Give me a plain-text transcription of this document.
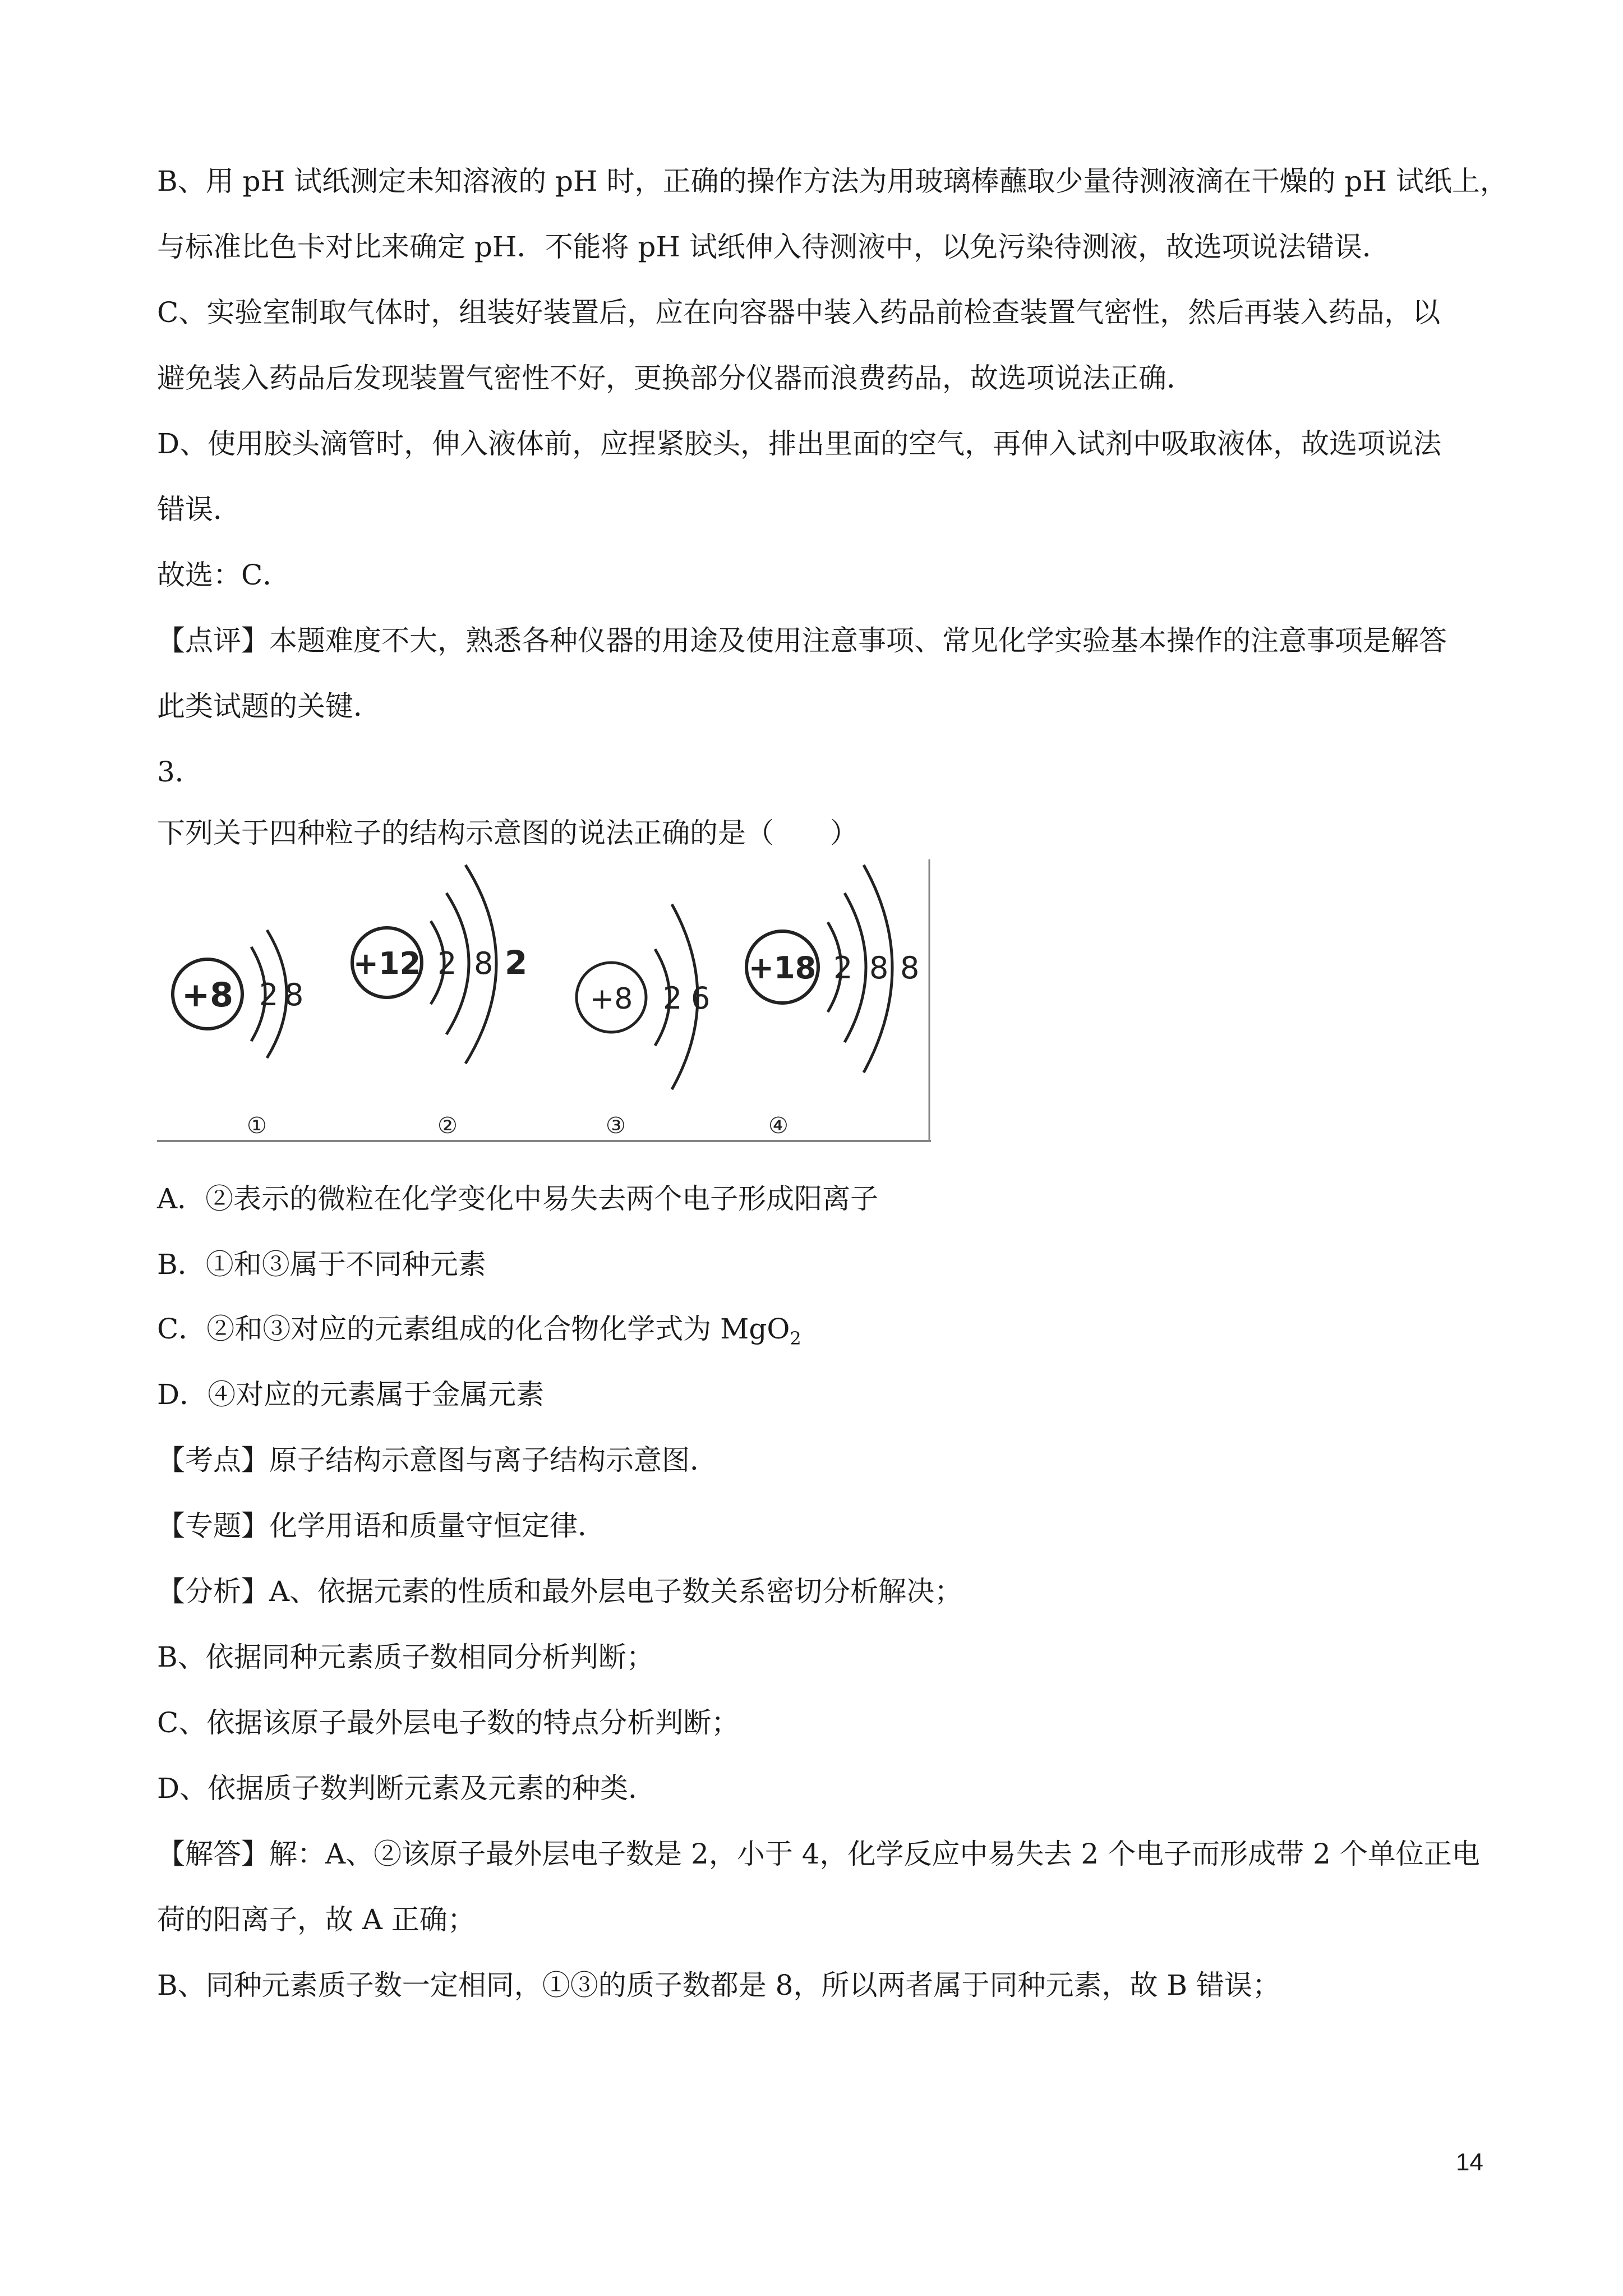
B、用 pH 试纸测定未知溶液的 pH 时，正确的操作方法为用玻璃棒蘸取少量待测液滴在干燥的 pH 试纸上，
与标准比色卡对比来确定 pH．不能将 pH 试纸伸入待测液中，以免污染待测液，故选项说法错误．
C、实验室制取气体时，组装好装置后，应在向容器中装入药品前检查装置气密性，然后再装入药品，以
避免装入药品后发现装置气密性不好，更换部分仪器而浪费药品，故选项说法正确．
D、使用胶头滴管时，伸入液体前，应捏紧胶头，排出里面的空气，再伸入试剂中吸取液体，故选项说法
错误．
故选：C．
【点评】本题难度不大，熟悉各种仪器的用途及使用注意事项、常见化学实验基本操作的注意事项是解答
此类试题的关键．
3．
下列关于四种粒子的结构示意图的说法正确的是（　　）
+8 2 8
①
+12 2 8 2
②
+8 2 6
③
+18 2 8 8
④
A．②表示的微粒在化学变化中易失去两个电子形成阳离子
B．①和③属于不同种元素
C．②和③对应的元素组成的化合物化学式为 MgO$_2$
D．④对应的元素属于金属元素
【考点】原子结构示意图与离子结构示意图．
【专题】化学用语和质量守恒定律．
【分析】A、依据元素的性质和最外层电子数关系密切分析解决；
B、依据同种元素质子数相同分析判断；
C、依据该原子最外层电子数的特点分析判断；
D、依据质子数判断元素及元素的种类．
【解答】解：A、②该原子最外层电子数是 2，小于 4，化学反应中易失去 2 个电子而形成带 2 个单位正电
荷的阳离子，故 A 正确；
B、同种元素质子数一定相同，①③的质子数都是 8，所以两者属于同种元素，故 B 错误；
14
